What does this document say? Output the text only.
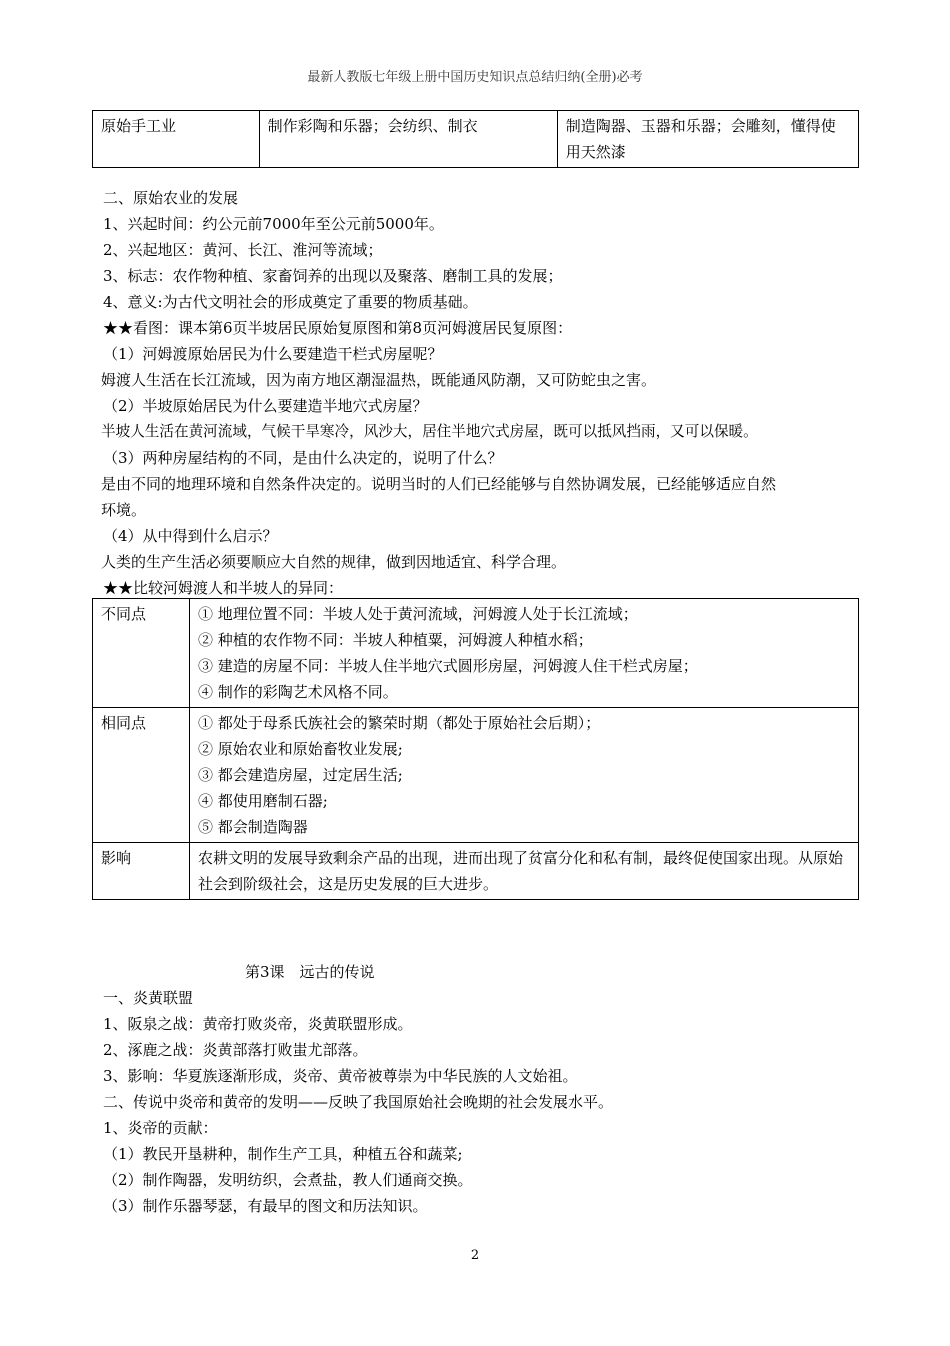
最新人教版七年级上册中国历史知识点总结归纳(全册)必考
原始手工业	制作彩陶和乐器；会纺织、制衣	制造陶器、玉器和乐器；会雕刻，懂得使用天然漆
二、原始农业的发展
1、兴起时间：约公元前7000年至公元前5000年。
2、兴起地区：黄河、长江、淮河等流域；
3、标志：农作物种植、家畜饲养的出现以及聚落、磨制工具的发展；
4、意义:为古代文明社会的形成奠定了重要的物质基础。
★★看图：课本第6页半坡居民原始复原图和第8页河姆渡居民复原图：
（1）河姆渡原始居民为什么要建造干栏式房屋呢？
姆渡人生活在长江流域，因为南方地区潮湿温热，既能通风防潮，又可防蛇虫之害。
（2）半坡原始居民为什么要建造半地穴式房屋？
半坡人生活在黄河流域，气候干旱寒冷，风沙大，居住半地穴式房屋，既可以抵风挡雨，又可以保暖。
（3）两种房屋结构的不同，是由什么决定的，说明了什么？
是由不同的地理环境和自然条件决定的。说明当时的人们已经能够与自然协调发展，已经能够适应自然
环境。
（4）从中得到什么启示？
人类的生产生活必须要顺应大自然的规律，做到因地适宜、科学合理。
★★比较河姆渡人和半坡人的异同：
不同点	① 地理位置不同：半坡人处于黄河流域，河姆渡人处于长江流域；
② 种植的农作物不同：半坡人种植粟，河姆渡人种植水稻；
③ 建造的房屋不同：半坡人住半地穴式圆形房屋，河姆渡人住干栏式房屋；
④ 制作的彩陶艺术风格不同。

相同点	① 都处于母系氏族社会的繁荣时期（都处于原始社会后期）；
② 原始农业和原始畜牧业发展;
③ 都会建造房屋，过定居生活;
④ 都使用磨制石器;
⑤ 都会制造陶器

影响	农耕文明的发展导致剩余产品的出现，进而出现了贫富分化和私有制，最终促使国家出现。从原始社会到阶级社会，这是历史发展的巨大进步。
第3课　远古的传说
一、炎黄联盟
1、阪泉之战：黄帝打败炎帝，炎黄联盟形成。
2、涿鹿之战：炎黄部落打败蚩尤部落。
3、影响：华夏族逐渐形成，炎帝、黄帝被尊崇为中华民族的人文始祖。
二、传说中炎帝和黄帝的发明——反映了我国原始社会晚期的社会发展水平。
1、炎帝的贡献：
（1）教民开垦耕种，制作生产工具，种植五谷和蔬菜;
（2）制作陶器，发明纺织，会煮盐，教人们通商交换。
（3）制作乐器琴瑟，有最早的图文和历法知识。
2
